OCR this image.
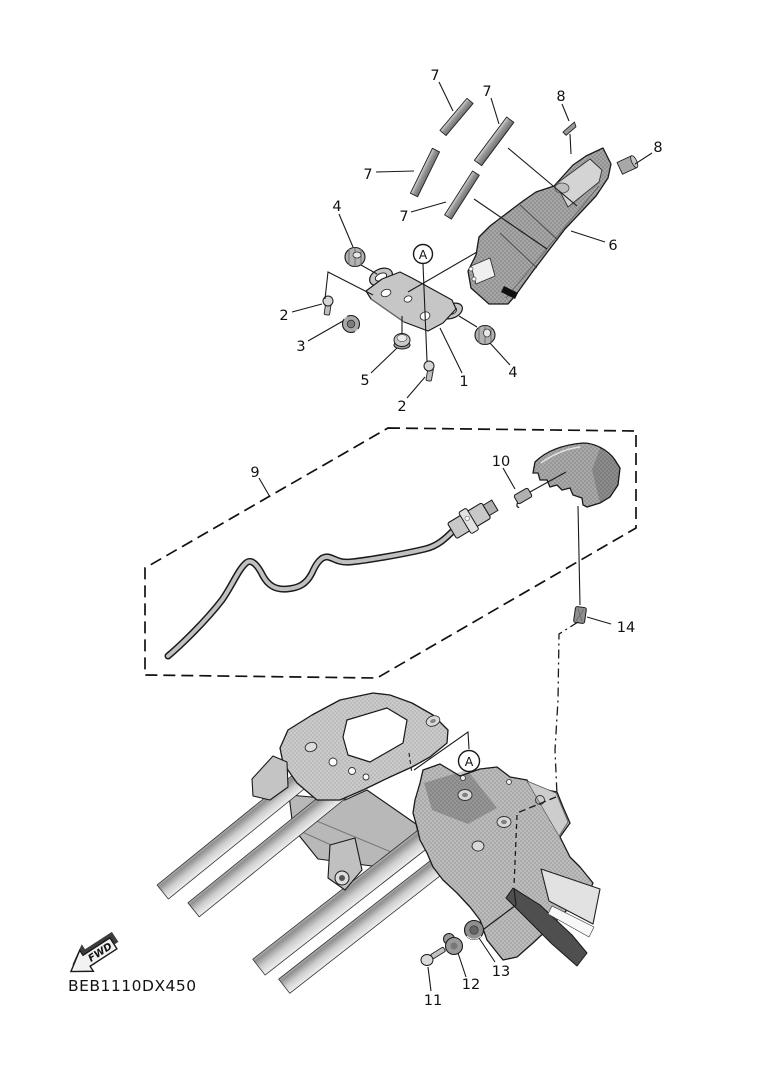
A
A
7
7	8
8
7
7
6
4
2
3
5
2
1
4
9
10
14
11
12
13
FWD
BEB1110DX450
